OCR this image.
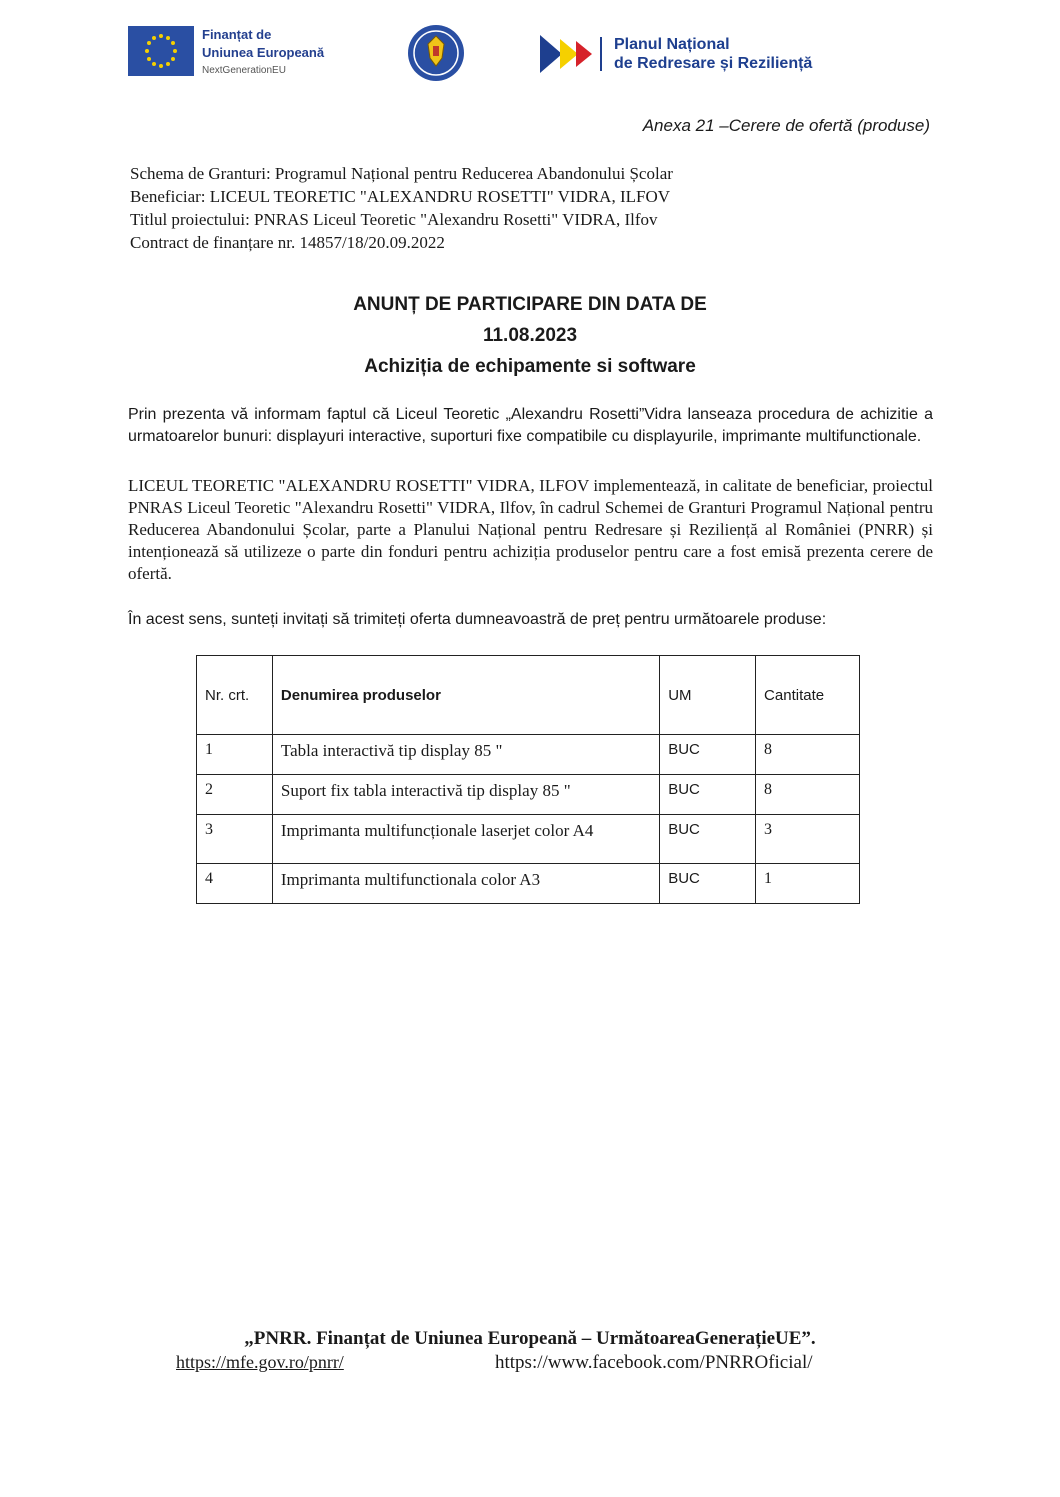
Finanțat de
Uniunea Europeană
NextGenerationEU
Planul Național
de Redresare și Reziliență
Anexa 21 –Cerere de ofertă (produse)
Schema de Granturi: Programul Național pentru Reducerea Abandonului Școlar
Beneficiar: LICEUL TEORETIC "ALEXANDRU ROSETTI" VIDRA, ILFOV
Titlul proiectului: PNRAS Liceul Teoretic "Alexandru Rosetti" VIDRA, Ilfov
Contract de finanțare nr. 14857/18/20.09.2022
ANUNȚ DE PARTICIPARE DIN DATA DE
11.08.2023
Achiziția de echipamente si software
Prin prezenta vă informam faptul că Liceul Teoretic „Alexandru Rosetti”Vidra lanseaza procedura de achizitie a urmatoarelor bunuri: displayuri interactive, suporturi fixe compatibile cu displayurile, imprimante multifunctionale.
LICEUL TEORETIC "ALEXANDRU ROSETTI" VIDRA, ILFOV implementează, in calitate de beneficiar, proiectul PNRAS Liceul Teoretic "Alexandru Rosetti" VIDRA, Ilfov, în cadrul Schemei de Granturi Programul Național pentru Reducerea Abandonului Școlar, parte a Planului Național pentru Redresare și Reziliență al României (PNRR) și intenționează să utilizeze o parte din fonduri pentru achiziția produselor pentru care a fost emisă prezenta cerere de ofertă.
În acest sens, sunteți invitați să trimiteți oferta dumneavoastră de preț pentru următoarele produse:
Nr. crt.	Denumirea produselor	UM	Cantitate
1	Tabla interactivă tip display 85 "	BUC	8
2	Suport fix tabla interactivă tip display 85 "	BUC	8
3	Imprimanta multifuncționale laserjet color A4	BUC	3
4	Imprimanta multifunctionala color A3	BUC	1
„PNRR. Finanțat de Uniunea Europeană – UrmătoareaGenerațieUE”.
https://mfe.gov.ro/pnrr/	https://www.facebook.com/PNRROficial/
